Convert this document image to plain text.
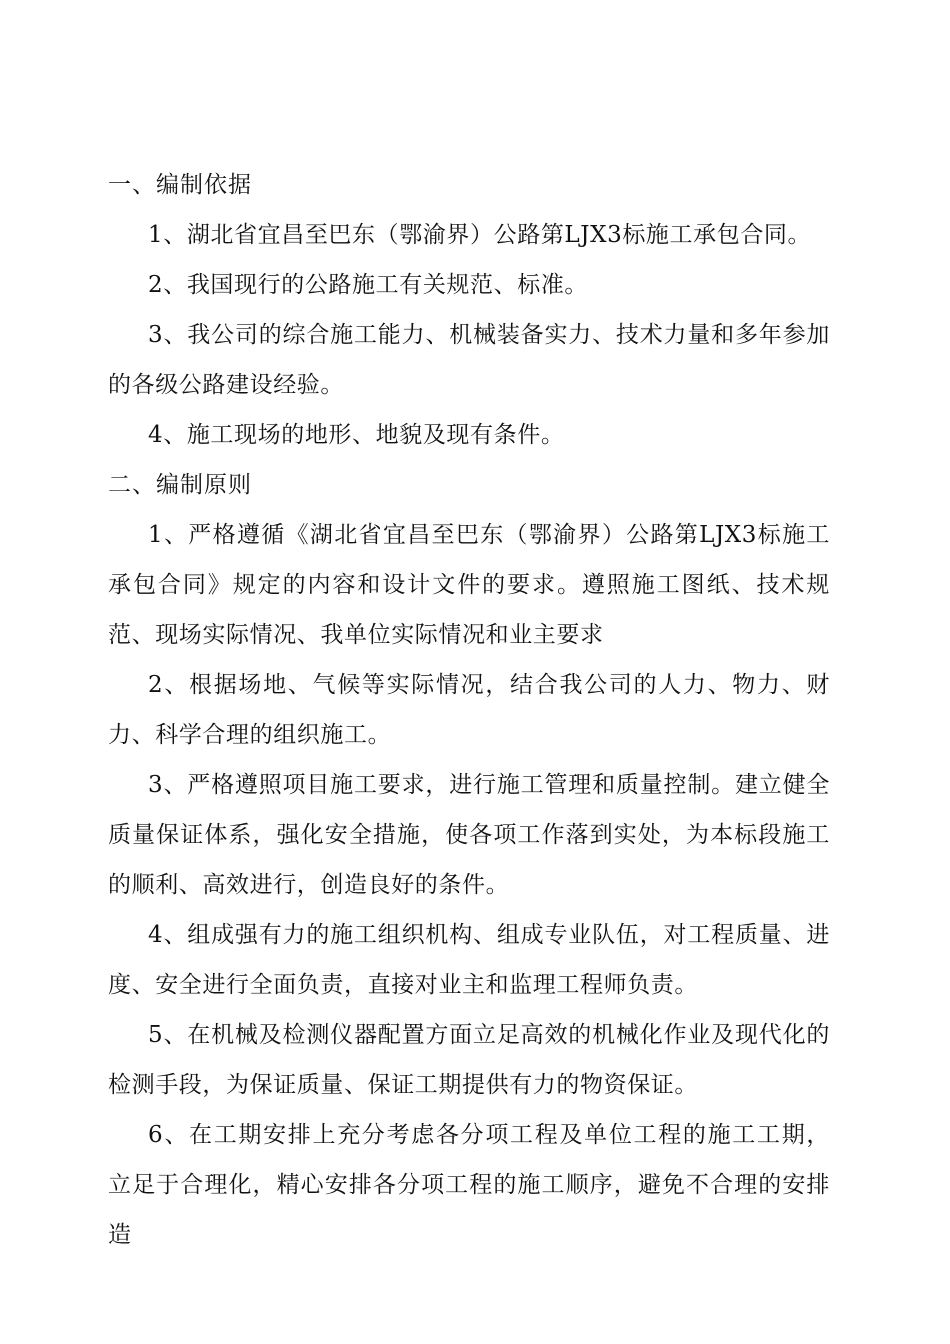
一、编制依据

1、湖北省宜昌至巴东（鄂渝界）公路第LJX3标施工承包合同。

2、我国现行的公路施工有关规范、标准。

3、我公司的综合施工能力、机械装备实力、技术力量和多年参加的各级公路建设经验。

4、施工现场的地形、地貌及现有条件。

二、编制原则

1、严格遵循《湖北省宜昌至巴东（鄂渝界）公路第LJX3标施工承包合同》规定的内容和设计文件的要求。遵照施工图纸、技术规范、现场实际情况、我单位实际情况和业主要求

2、根据场地、气候等实际情况，结合我公司的人力、物力、财力、科学合理的组织施工。

3、严格遵照项目施工要求，进行施工管理和质量控制。建立健全质量保证体系，强化安全措施，使各项工作落到实处，为本标段施工的顺利、高效进行，创造良好的条件。

4、组成强有力的施工组织机构、组成专业队伍，对工程质量、进度、安全进行全面负责，直接对业主和监理工程师负责。

5、在机械及检测仪器配置方面立足高效的机械化作业及现代化的检测手段，为保证质量、保证工期提供有力的物资保证。

6、在工期安排上充分考虑各分项工程及单位工程的施工工期， 立足于合理化，精心安排各分项工程的施工顺序，避免不合理的安排造
